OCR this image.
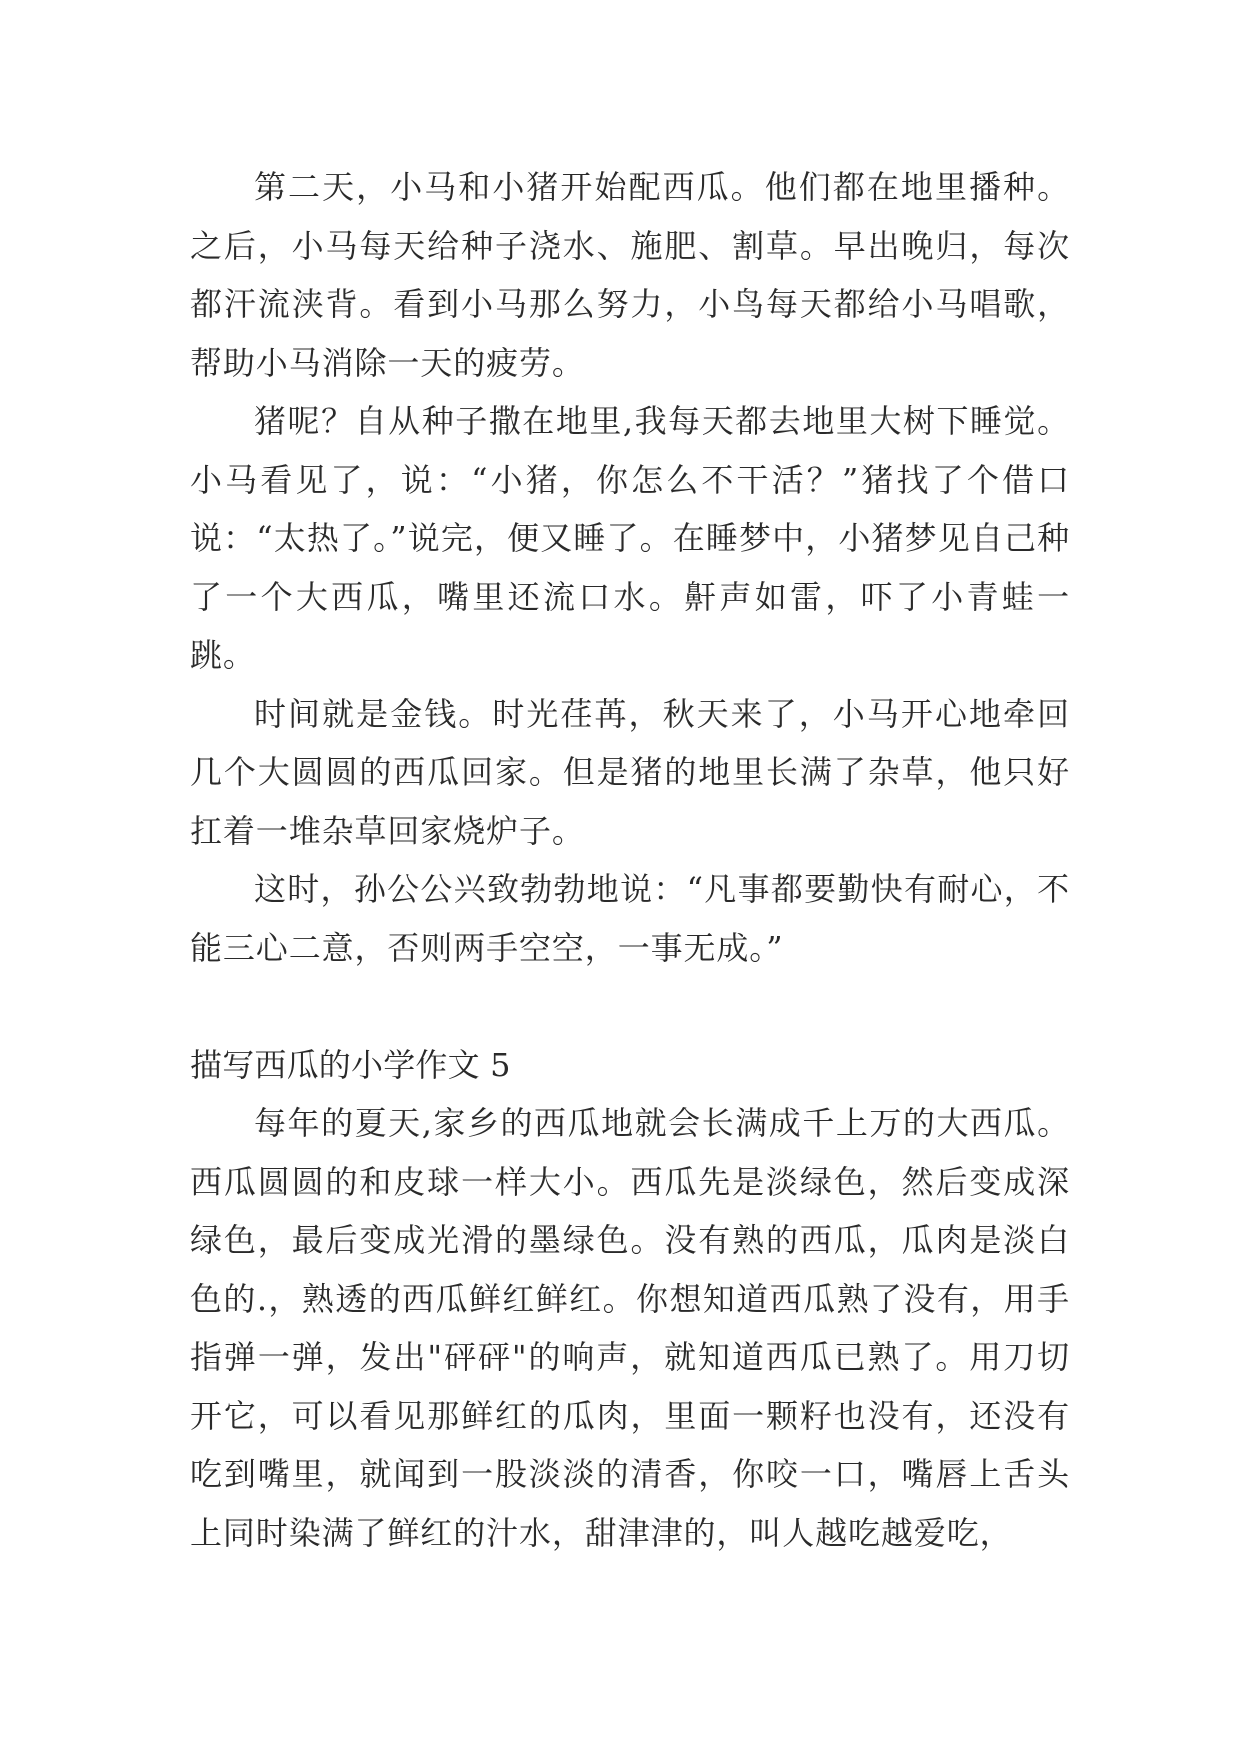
第二天，小马和小猪开始配西瓜。他们都在地里播种。之后，小马每天给种子浇水、施肥、割草。早出晚归，每次都汗流浃背。看到小马那么努力，小鸟每天都给小马唱歌，帮助小马消除一天的疲劳。

猪呢？自从种子撒在地里,我每天都去地里大树下睡觉。小马看见了，说：“小猪，你怎么不干活？”猪找了个借口说：“太热了。”说完，便又睡了。在睡梦中，小猪梦见自己种了一个大西瓜，嘴里还流口水。鼾声如雷，吓了小青蛙一跳。

时间就是金钱。时光荏苒，秋天来了，小马开心地牵回几个大圆圆的西瓜回家。但是猪的地里长满了杂草，他只好扛着一堆杂草回家烧炉子。

这时，孙公公兴致勃勃地说：“凡事都要勤快有耐心，不能三心二意，否则两手空空，一事无成。”

描写西瓜的小学作文 5

每年的夏天,家乡的西瓜地就会长满成千上万的大西瓜。西瓜圆圆的和皮球一样大小。西瓜先是淡绿色，然后变成深绿色，最后变成光滑的墨绿色。没有熟的西瓜，瓜肉是淡白色的.，熟透的西瓜鲜红鲜红。你想知道西瓜熟了没有，用手指弹一弹，发出"砰砰"的响声，就知道西瓜已熟了。用刀切开它，可以看见那鲜红的瓜肉，里面一颗籽也没有，还没有吃到嘴里，就闻到一股淡淡的清香，你咬一口，嘴唇上舌头上同时染满了鲜红的汁水，甜津津的，叫人越吃越爱吃，
